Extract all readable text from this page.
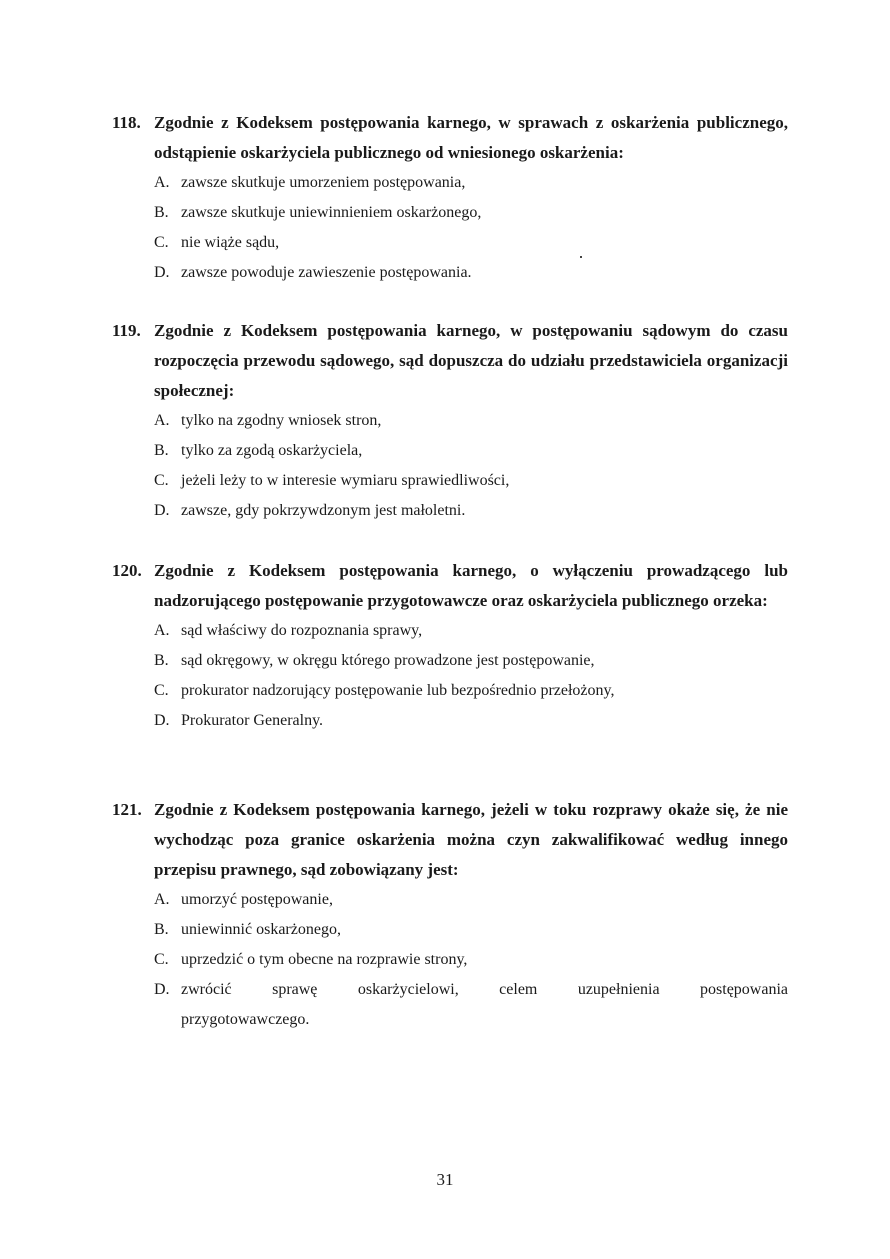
118. Zgodnie z Kodeksem postępowania karnego, w sprawach z oskarżenia publicznego, odstąpienie oskarżyciela publicznego od wniesionego oskarżenia:
A. zawsze skutkuje umorzeniem postępowania,
B. zawsze skutkuje uniewinnieniem oskarżonego,
C. nie wiąże sądu,
D. zawsze powoduje zawieszenie postępowania.
119. Zgodnie z Kodeksem postępowania karnego, w postępowaniu sądowym do czasu rozpoczęcia przewodu sądowego, sąd dopuszcza do udziału przedstawiciela organizacji społecznej:
A. tylko na zgodny wniosek stron,
B. tylko za zgodą oskarżyciela,
C. jeżeli leży to w interesie wymiaru sprawiedliwości,
D. zawsze, gdy pokrzywdzonym jest małoletni.
120. Zgodnie z Kodeksem postępowania karnego, o wyłączeniu prowadzącego lub nadzorującego postępowanie przygotowawcze oraz oskarżyciela publicznego orzeka:
A. sąd właściwy do rozpoznania sprawy,
B. sąd okręgowy, w okręgu którego prowadzone jest postępowanie,
C. prokurator nadzorujący postępowanie lub bezpośrednio przełożony,
D. Prokurator Generalny.
121. Zgodnie z Kodeksem postępowania karnego, jeżeli w toku rozprawy okaże się, że nie wychodząc poza granice oskarżenia można czyn zakwalifikować według innego przepisu prawnego, sąd zobowiązany jest:
A. umorzyć postępowanie,
B. uniewinnić oskarżonego,
C. uprzedzić o tym obecne na rozprawie strony,
D. zwrócić sprawę oskarżycielowi, celem uzupełnienia postępowania
przygotowawczego.
31
